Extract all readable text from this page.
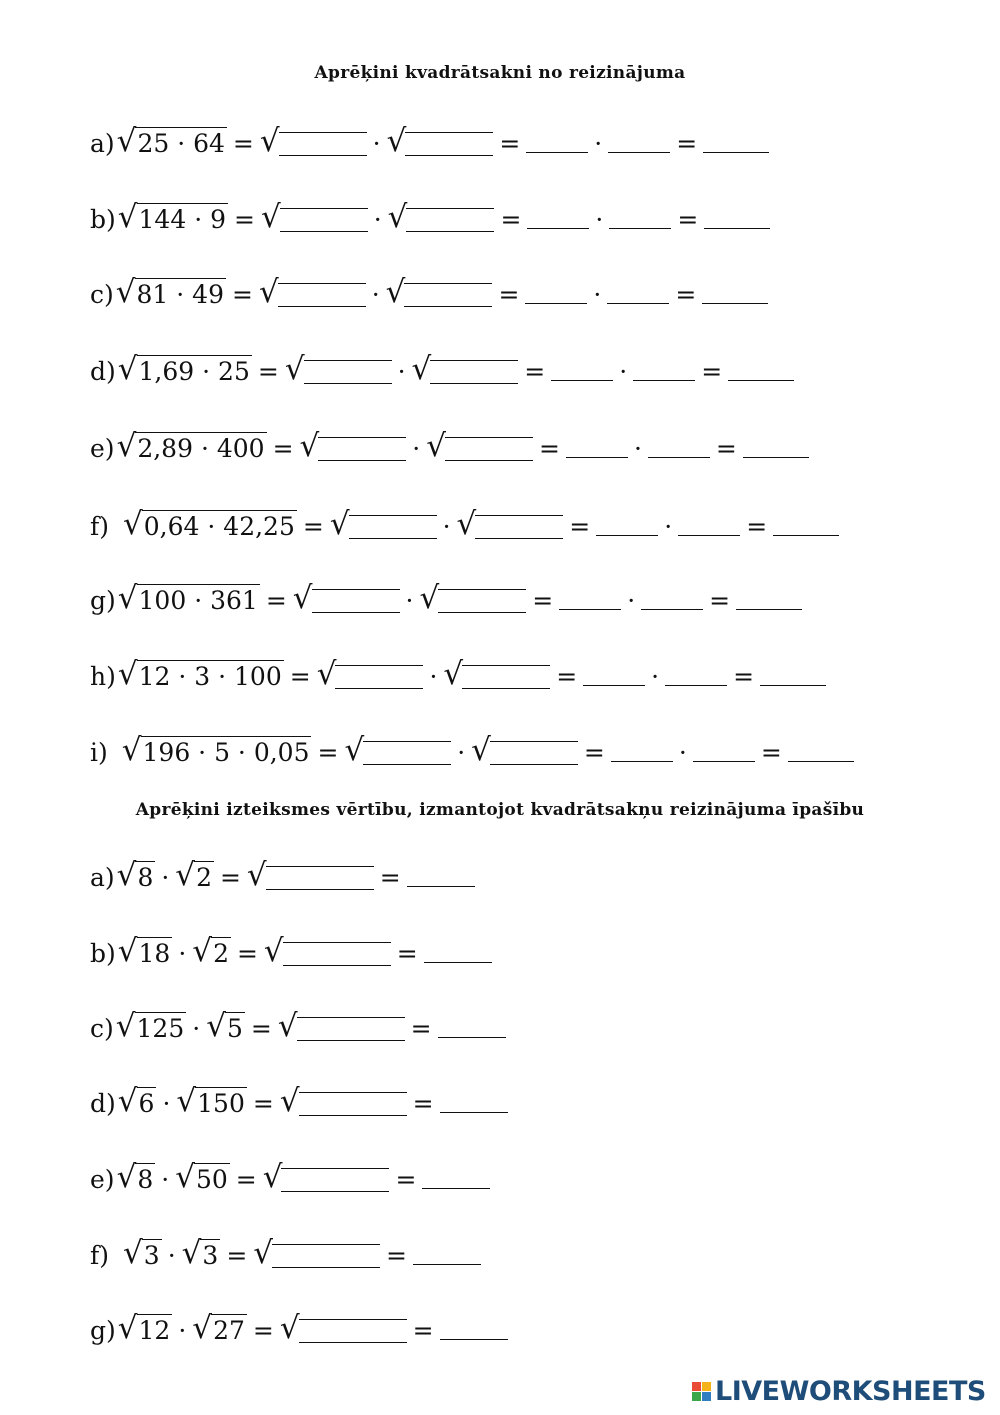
Aprēķini kvadrātsakni no reizinājuma
a) √ 25 · 64 = √	· √	=	·	=
b) √ 144 · 9 = √	· √	=	·	=
c) √ 81 · 49 = √	· √	=	·	=
d) √ 1,69 · 25 = √	· √	=	·	=
e) √ 2,89 · 400 = √	· √	=	·	=
f) √ 0,64 · 42,25 = √	· √	=	·	=
g) √ 100 · 361 = √	· √	=	·	=
h) √ 12 · 3 · 100 = √	· √	=	·	=
i) √ 196 · 5 · 0,05 = √	· √	=	·	=
Aprēķini izteiksmes vērtību, izmantojot kvadrātsakņu reizinājuma īpašību
a) √ 8 · √ 2 = √	=
b) √ 18 · √ 2 = √	=
c) √ 125 · √ 5 = √	=
d) √ 6 · √ 150 = √	=
e) √ 8 · √ 50 = √	=
f) √ 3 · √ 3 = √	=
g) √ 12 · √ 27 = √	=
LIVEWORKSHEETS
